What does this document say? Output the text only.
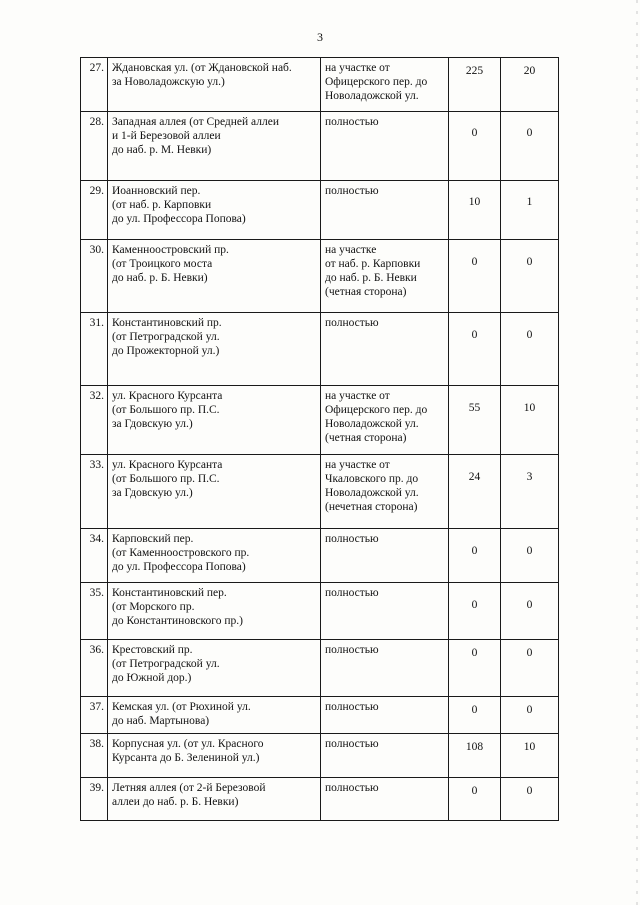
3
27.	Ждановская ул. (от Ждановской наб.
за Новоладожскую ул.)	на участке от
Офицерского пер. до
Новоладожской ул.	225	20

28.	Западная аллея (от Средней аллеи
и 1-й Березовой аллеи
до наб. р. М. Невки)	полностью	0	0

29.	Иоанновский пер.
(от наб. р. Карповки
до ул. Профессора Попова)	полностью	10	1

30.	Каменноостровский пр.
(от Троицкого моста
до наб. р. Б. Невки)	на участке
от наб. р. Карповки
до наб. р. Б. Невки
(четная сторона)	0	0

31.	Константиновский пр.
(от Петроградской ул.
до Прожекторной ул.)	полностью	0	0

32.	ул. Красного Курсанта
(от Большого пр. П.С.
за Гдовскую ул.)	на участке от
Офицерского пер. до
Новоладожской ул.
(четная сторона)	55	10

33.	ул. Красного Курсанта
(от Большого пр. П.С.
за Гдовскую ул.)	на участке от
Чкаловского пр. до
Новоладожской ул.
(нечетная сторона)	24	3

34.	Карповский пер.
(от Каменноостровского пр.
до ул. Профессора Попова)	полностью	0	0

35.	Константиновский пер.
(от Морского пр.
до Константиновского пр.)	полностью	0	0

36.	Крестовский пр.
(от Петроградской ул.
до Южной дор.)	полностью	0	0

37.	Кемская ул. (от Рюхиной ул.
до наб. Мартынова)	полностью	0	0

38.	Корпусная ул. (от ул. Красного
Курсанта до Б. Зелениной ул.)	полностью	108	10

39.	Летняя аллея (от 2-й Березовой
аллеи до наб. р. Б. Невки)	полностью	0	0
